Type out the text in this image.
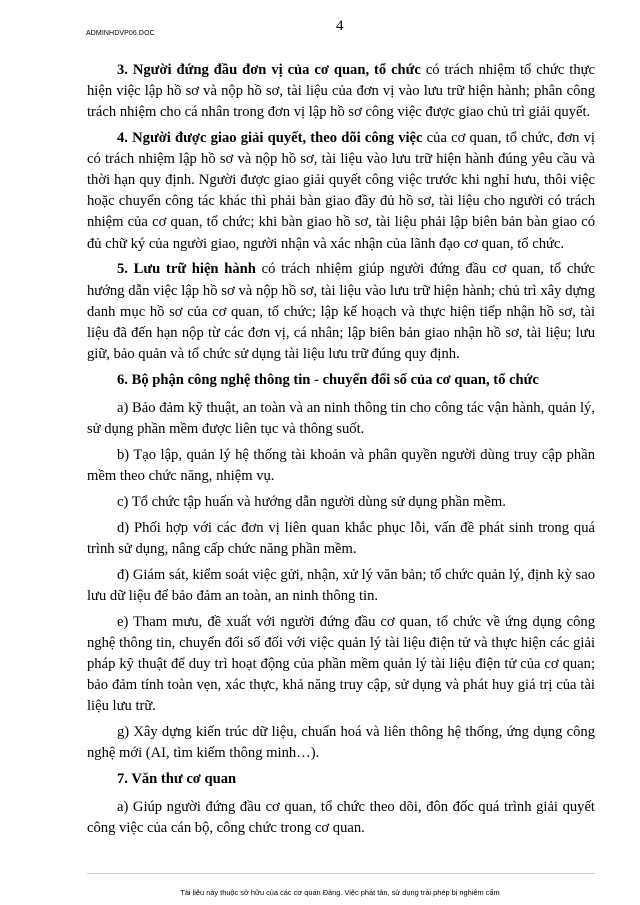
ADMINHDVP06.DOC	4

3. Người đứng đầu đơn vị của cơ quan, tổ chức có trách nhiệm tổ chức thực hiện việc lập hồ sơ và nộp hồ sơ, tài liệu của đơn vị vào lưu trữ hiện hành; phân công trách nhiệm cho cá nhân trong đơn vị lập hồ sơ công việc được giao chủ trì giải quyết.

4. Người được giao giải quyết, theo dõi công việc của cơ quan, tổ chức, đơn vị có trách nhiệm lập hồ sơ và nộp hồ sơ, tài liệu vào lưu trữ hiện hành đúng yêu cầu và thời hạn quy định. Người được giao giải quyết công việc trước khi nghỉ hưu, thôi việc hoặc chuyển công tác khác thì phải bàn giao đầy đủ hồ sơ, tài liệu cho người có trách nhiệm của cơ quan, tổ chức; khi bàn giao hồ sơ, tài liệu phải lập biên bản bàn giao có đủ chữ ký của người giao, người nhận và xác nhận của lãnh đạo cơ quan, tổ chức.

5. Lưu trữ hiện hành có trách nhiệm giúp người đứng đầu cơ quan, tổ chức hướng dẫn việc lập hồ sơ và nộp hồ sơ, tài liệu vào lưu trữ hiện hành; chủ trì xây dựng danh mục hồ sơ của cơ quan, tổ chức; lập kế hoạch và thực hiện tiếp nhận hồ sơ, tài liệu đã đến hạn nộp từ các đơn vị, cá nhân; lập biên bản giao nhận hồ sơ, tài liệu; lưu giữ, bảo quản và tổ chức sử dụng tài liệu lưu trữ đúng quy định.

6. Bộ phận công nghệ thông tin - chuyển đổi số của cơ quan, tổ chức

a) Bảo đảm kỹ thuật, an toàn và an ninh thông tin cho công tác vận hành, quản lý, sử dụng phần mềm được liên tục và thông suốt.

b) Tạo lập, quản lý hệ thống tài khoản và phân quyền người dùng truy cập phần mềm theo chức năng, nhiệm vụ.

c) Tổ chức tập huấn và hướng dẫn người dùng sử dụng phần mềm.

d) Phối hợp với các đơn vị liên quan khắc phục lỗi, vấn đề phát sinh trong quá trình sử dụng, nâng cấp chức năng phần mềm.

đ) Giám sát, kiểm soát việc gửi, nhận, xử lý văn bản; tổ chức quản lý, định kỳ sao lưu dữ liệu để bảo đảm an toàn, an ninh thông tin.

e) Tham mưu, đề xuất với người đứng đầu cơ quan, tổ chức về ứng dụng công nghệ thông tin, chuyển đổi số đối với việc quản lý tài liệu điện tử và thực hiện các giải pháp kỹ thuật để duy trì hoạt động của phần mềm quản lý tài liệu điện tử của cơ quan; bảo đảm tính toàn vẹn, xác thực, khả năng truy cập, sử dụng và phát huy giá trị của tài liệu lưu trữ.

g) Xây dựng kiến trúc dữ liệu, chuẩn hoá và liên thông hệ thống, ứng dụng công nghệ mới (AI, tìm kiếm thông minh…).

7. Văn thư cơ quan

a) Giúp người đứng đầu cơ quan, tổ chức theo dõi, đôn đốc quá trình giải quyết công việc của cán bộ, công chức trong cơ quan.

Tài liệu này thuộc sở hữu của các cơ quan Đảng. Việc phát tán, sử dụng trái phép bị nghiêm cấm
